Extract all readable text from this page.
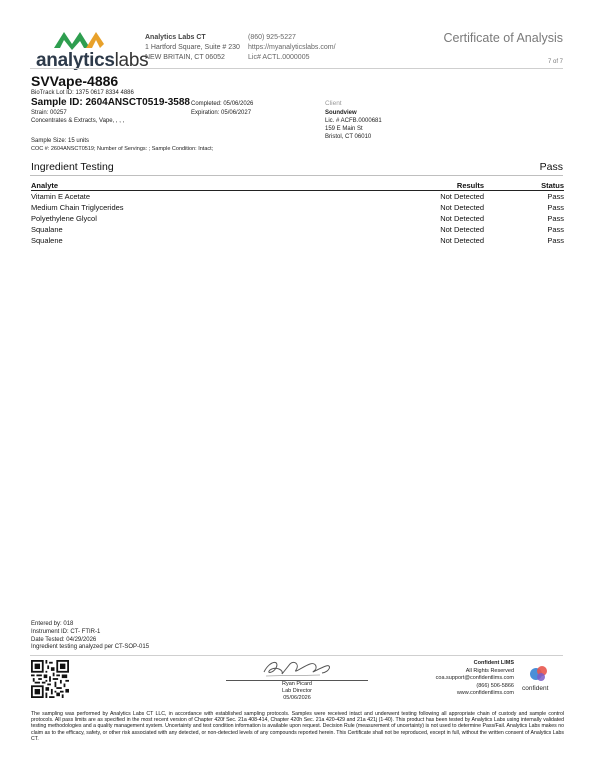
analyticslabs
Analytics Labs CT
1 Hartford Square, Suite # 230
NEW BRITAIN, CT 06052
(860) 925-5227
https://myanalyticslabs.com/
Lic# ACTL.0000005
Certificate of Analysis
7 of 7
SVVape-4886
BioTrack Lot ID: 1375 0617 8334 4886
Sample ID: 2604ANSCT0519-3588
Strain: 00257
Concentrates & Extracts, Vape, , , ,
Completed: 05/06/2026
Expiration: 05/06/2027
Sample Size: 15 units
COC #: 2604ANSCT0519; Number of Servings: ; Sample Condition: Intact;
Client
Soundview
Lic. # ACFB.0000681
159 E Main St
Bristol, CT 06010
Ingredient Testing	Pass
Analyte	Results	Status
Vitamin E Acetate	Not Detected	Pass
Medium Chain Triglycerides	Not Detected	Pass
Polyethylene Glycol	Not Detected	Pass
Squalane	Not Detected	Pass
Squalene	Not Detected	Pass
Entered by: 018
Instrument ID: CT- FTIR-1
Date Tested: 04/29/2026
Ingredient testing analyzed per CT-SOP-015
Ryan Picard
Lab Director
05/06/2026
Confident LIMS
All Rights Reserved
coa.support@confidentlims.com
(866) 506-5866
www.confidentlims.com
confident
The sampling was performed by Analytics Labs CT LLC, in accordance with established sampling protocols. Samples were received intact and underwent testing following all appropriate chain of custody and sample control protocols. All pass limits are as specified in the most recent version of Chapter 420f Sec. 21a 408-414, Chapter 420h Sec. 21a 420-429 and 21a 421j (1-40). This product has been tested by Analytics Labs using internally validated testing methodologies and a quality management system. Uncertainty and test condition information is available upon request. Decision Rule (measurement of uncertainty) is not used to determine Pass/Fail. Analytics Labs makes no claim as to the efficacy, safety, or other risk associated with any detected, or non-detected levels of any compounds reported herein. This Certificate shall not be reproduced, except in full, without the written consent of Analytics Labs CT.
